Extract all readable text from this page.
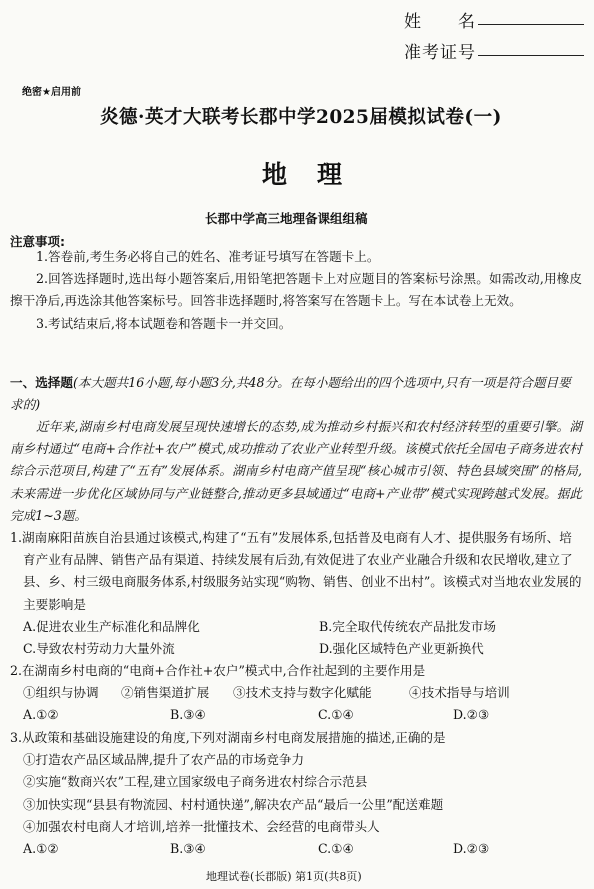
姓　　名
准考证号
绝密★启用前
炎德·英才大联考长郡中学2025届模拟试卷(一)
地理
长郡中学高三地理备课组组稿
注意事项:
1.答卷前,考生务必将自己的姓名、准考证号填写在答题卡上。
2.回答选择题时,选出每小题答案后,用铅笔把答题卡上对应题目的答案标号涂黑。如需改动,用橡皮擦干净后,再选涂其他答案标号。回答非选择题时,将答案写在答题卡上。写在本试卷上无效。
3.考试结束后,将本试题卷和答题卡一并交回。
一、选择题(本大题共16小题,每小题3分,共48分。在每小题给出的四个选项中,只有一项是符合题目要求的)
近年来,湖南乡村电商发展呈现快速增长的态势,成为推动乡村振兴和农村经济转型的重要引擎。湖南乡村通过“电商+合作社+农户”模式,成功推动了农业产业转型升级。该模式依托全国电子商务进农村综合示范项目,构建了“五有”发展体系。湖南乡村电商产值呈现“核心城市引领、特色县域突围”的格局,未来需进一步优化区域协同与产业链整合,推动更多县域通过“电商+产业带”模式实现跨越式发展。据此完成1~3题。
1.湖南麻阳苗族自治县通过该模式,构建了“五有”发展体系,包括普及电商有人才、提供服务有场所、培育产业有品牌、销售产品有渠道、持续发展有后劲,有效促进了农业产业融合升级和农民增收,建立了县、乡、村三级电商服务体系,村级服务站实现“购物、销售、创业不出村”。该模式对当地农业发展的主要影响是
A.促进农业生产标准化和品牌化	B.完全取代传统农产品批发市场
C.导致农村劳动力大量外流	D.强化区域特色产业更新换代
2.在湖南乡村电商的“电商+合作社+农户”模式中,合作社起到的主要作用是
①组织与协调	②销售渠道扩展	③技术支持与数字化赋能	④技术指导与培训
A.①②	B.③④	C.①④	D.②③
3.从政策和基础设施建设的角度,下列对湖南乡村电商发展措施的描述,正确的是
①打造农产品区域品牌,提升了农产品的市场竞争力
②实施“数商兴农”工程,建立国家级电子商务进农村综合示范县
③加快实现“县县有物流园、村村通快递”,解决农产品“最后一公里”配送难题
④加强农村电商人才培训,培养一批懂技术、会经营的电商带头人
A.①②	B.③④	C.①④	D.②③
地理试卷(长郡版) 第1页(共8页)
